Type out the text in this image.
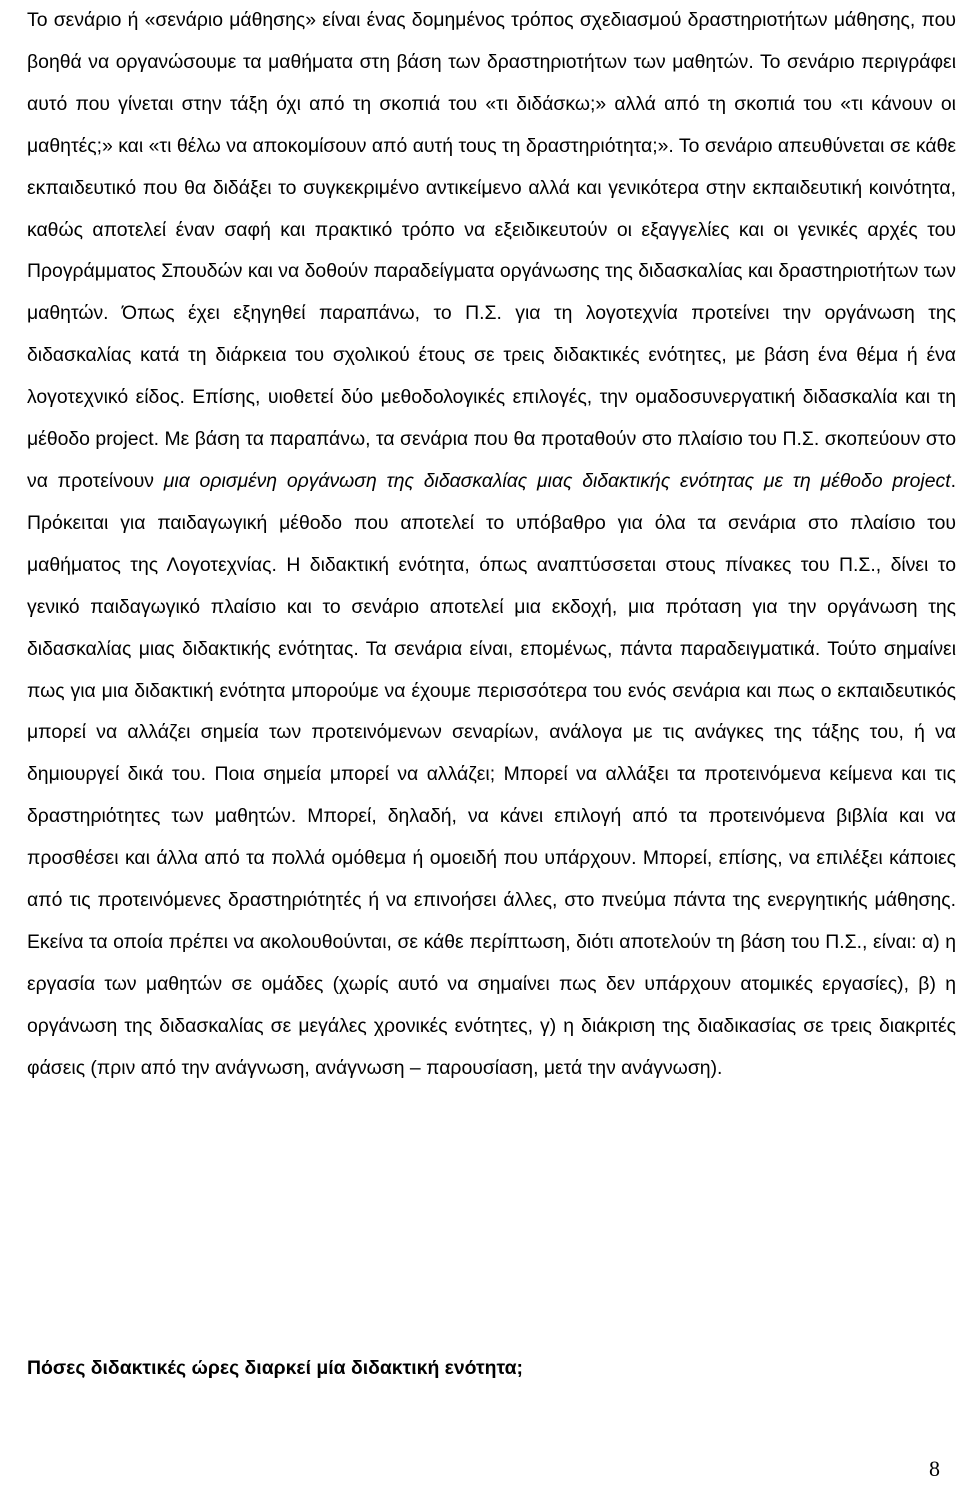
Το σενάριο ή «σενάριο μάθησης» είναι ένας δομημένος τρόπος σχεδιασμού δραστηριοτήτων μάθησης, που βοηθά να οργανώσουμε τα μαθήματα στη βάση των δραστηριοτήτων των μαθητών. Το σενάριο περιγράφει αυτό που γίνεται στην τάξη όχι από τη σκοπιά του «τι διδάσκω;» αλλά από τη σκοπιά του «τι κάνουν οι μαθητές;» και «τι θέλω να αποκομίσουν από αυτή τους τη δραστηριότητα;». Το σενάριο απευθύνεται σε κάθε εκπαιδευτικό που θα διδάξει το συγκεκριμένο αντικείμενο αλλά και γενικότερα στην εκπαιδευτική κοινότητα, καθώς αποτελεί έναν σαφή και πρακτικό τρόπο να εξειδικευτούν οι εξαγγελίες και οι γενικές αρχές του Προγράμματος Σπουδών και να δοθούν παραδείγματα οργάνωσης της διδασκαλίας και δραστηριοτήτων των μαθητών. Όπως έχει εξηγηθεί παραπάνω, το Π.Σ. για τη λογοτεχνία προτείνει την οργάνωση της διδασκαλίας κατά τη διάρκεια του σχολικού έτους σε τρεις διδακτικές ενότητες, με βάση ένα θέμα ή ένα λογοτεχνικό είδος. Επίσης, υιοθετεί δύο μεθοδολογικές επιλογές, την ομαδοσυνεργατική διδασκαλία και τη μέθοδο project. Με βάση τα παραπάνω, τα σενάρια που θα προταθούν στο πλαίσιο του Π.Σ. σκοπεύουν στο να προτείνουν μια ορισμένη οργάνωση της διδασκαλίας μιας διδακτικής ενότητας με τη μέθοδο project. Πρόκειται για παιδαγωγική μέθοδο που αποτελεί το υπόβαθρο για όλα τα σενάρια στο πλαίσιο του μαθήματος της Λογοτεχνίας. Η διδακτική ενότητα, όπως αναπτύσσεται στους πίνακες του Π.Σ., δίνει το γενικό παιδαγωγικό πλαίσιο και το σενάριο αποτελεί μια εκδοχή, μια πρόταση για την οργάνωση της διδασκαλίας μιας διδακτικής ενότητας. Τα σενάρια είναι, επομένως, πάντα παραδειγματικά. Τούτο σημαίνει πως για μια διδακτική ενότητα μπορούμε να έχουμε περισσότερα του ενός σενάρια και πως ο εκπαιδευτικός μπορεί να αλλάζει σημεία των προτεινόμενων σεναρίων, ανάλογα με τις ανάγκες της τάξης του, ή να δημιουργεί δικά του. Ποια σημεία μπορεί να αλλάζει; Μπορεί να αλλάξει τα προτεινόμενα κείμενα και τις δραστηριότητες των μαθητών. Μπορεί, δηλαδή, να κάνει επιλογή από τα προτεινόμενα βιβλία και να προσθέσει και άλλα από τα πολλά ομόθεμα ή ομοειδή που υπάρχουν. Μπορεί, επίσης, να επιλέξει κάποιες από τις προτεινόμενες δραστηριότητές ή να επινοήσει άλλες, στο πνεύμα πάντα της ενεργητικής μάθησης. Εκείνα τα οποία πρέπει να ακολουθούνται, σε κάθε περίπτωση, διότι αποτελούν τη βάση του Π.Σ., είναι: α) η εργασία των μαθητών σε ομάδες (χωρίς αυτό να σημαίνει πως δεν υπάρχουν ατομικές εργασίες), β) η οργάνωση της διδασκαλίας σε μεγάλες χρονικές ενότητες, γ) η διάκριση της διαδικασίας σε τρεις διακριτές φάσεις (πριν από την ανάγνωση, ανάγνωση – παρουσίαση, μετά την ανάγνωση).

Πόσες διδακτικές ώρες διαρκεί μία διδακτική ενότητα;

8
